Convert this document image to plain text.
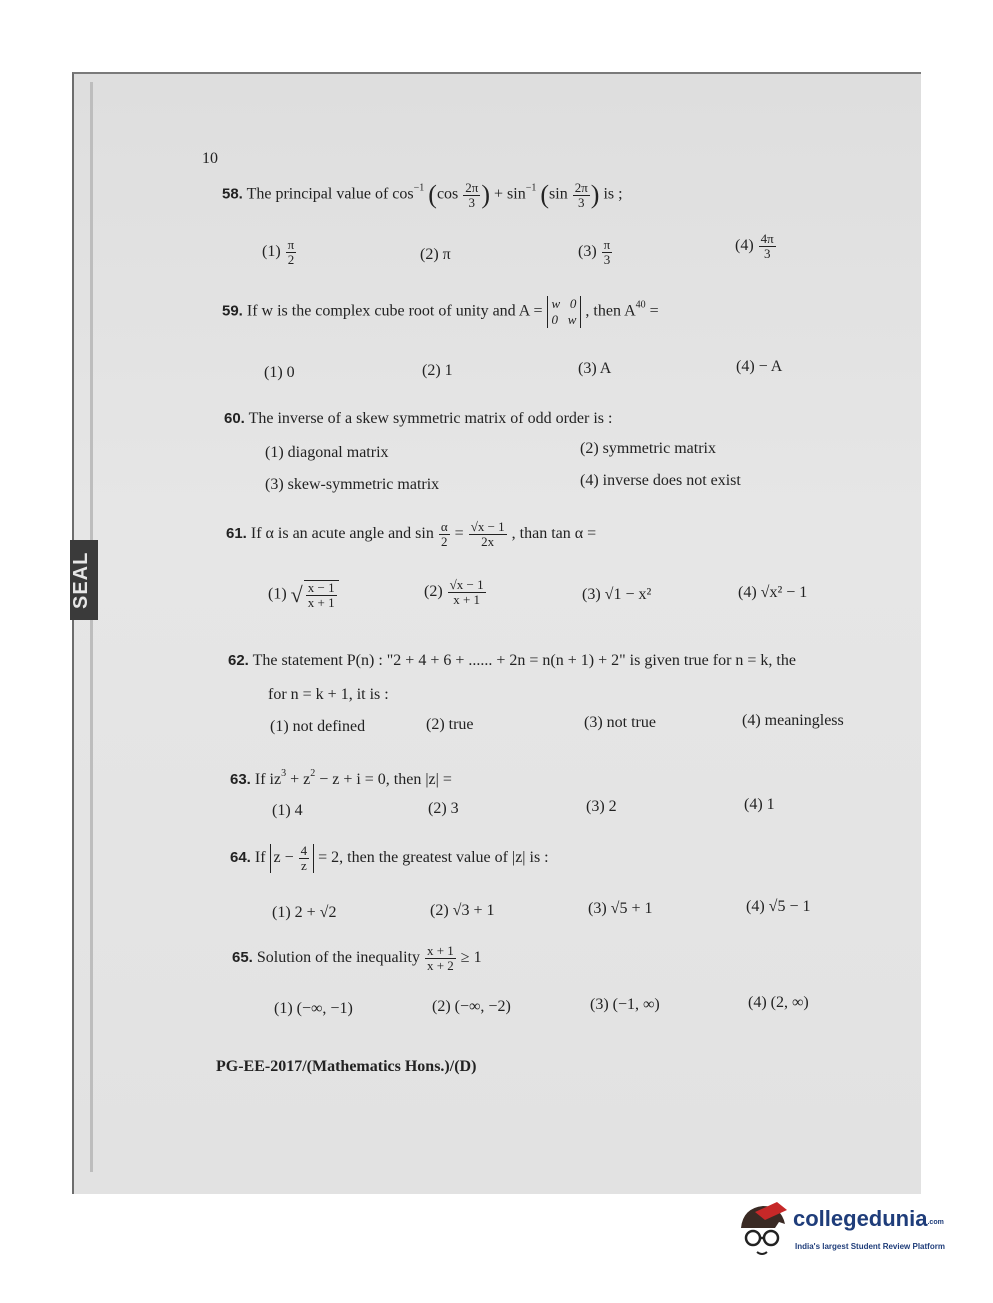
SEAL
10
58. The principal value of $\cos^{-1} (\cos \frac{2\pi}{3}$ ) + $\sin^{-1} (\sin \frac{2\pi}{3}$ ) is ;
$(1) \frac{\pi}{2}$	(2) π	$(3) \frac{\pi}{3}$	$(4) \frac{4\pi}{3}$
59. If w is the complex cube root of unity and A = w 0
0 w , then $A^{40}$ =
(1) 0	(2) 1	(3) A	(4) − A
60. The inverse of a skew symmetric matrix of odd order is :
(1) diagonal matrix	(2) symmetric matrix
(3) skew-symmetric matrix	(4) inverse does not exist
61. If α is an acute angle and $\sin \frac{\alpha}{2} = \frac{√x - 1}{2x}$ , than tan α =
(1) √ $\frac{x - 1}{x + 1}$	$(2) \frac{√x - 1}{x + 1}$	(3) √1 − x²	(4) √x² − 1
62. The statement P(n) : "2 + 4 + 6 + ...... + 2n = n(n + 1) + 2" is given true for n = k, the
for n = k + 1, it is :
(1) not defined	(2) true	(3) not true	(4) meaningless
63. If $iz^3 + z^2 - z + i = 0$, then |z| =
(1) 4	(2) 3	(3) 2	(4) 1
64. If $z - \frac{4}{z} = 2$, then the greatest value of |z| is :
(1) 2 + √2	(2) √3 + 1	(3) √5 + 1	(4) √5 − 1
65. Solution of the inequality $\frac{x + 1}{x + 2} \ge 1$
(1) (−∞, −1)	(2) (−∞, −2)	(3) (−1, ∞)	(4) (2, ∞)
PG-EE-2017/(Mathematics Hons.)/(D)
collegedunia.com
India's largest Student Review Platform
